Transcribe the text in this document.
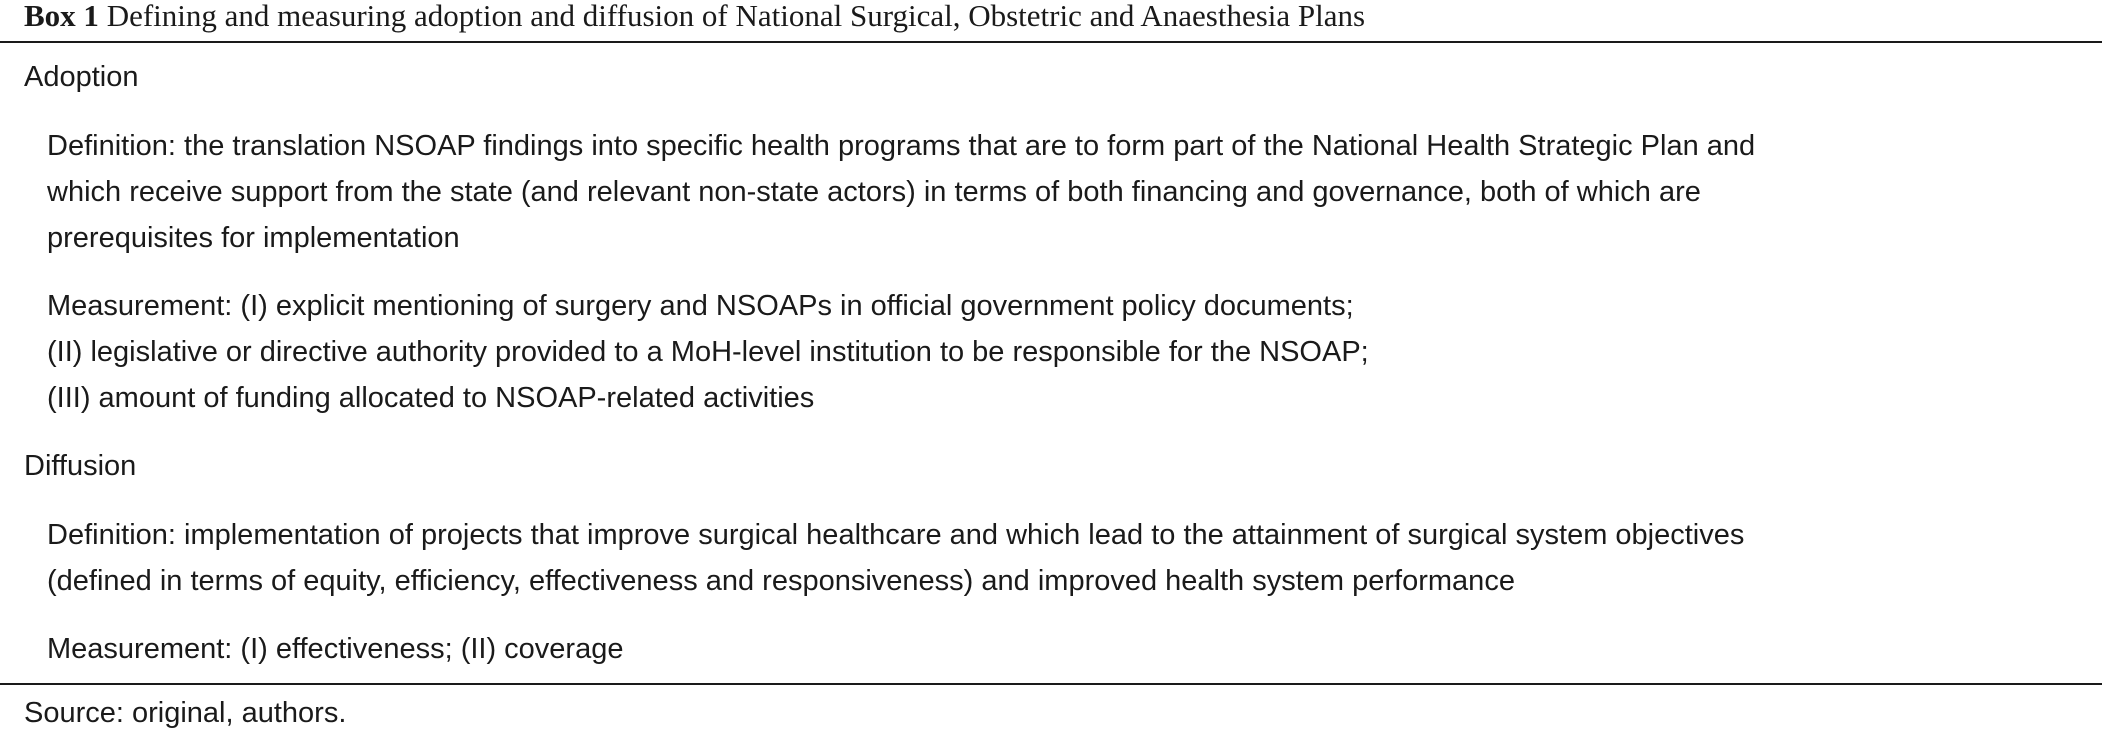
Box 1 Defining and measuring adoption and diffusion of National Surgical, Obstetric and Anaesthesia Plans
Adoption
Definition: the translation NSOAP findings into specific health programs that are to form part of the National Health Strategic Plan and
which receive support from the state (and relevant non-state actors) in terms of both financing and governance, both of which are
prerequisites for implementation
Measurement: (I) explicit mentioning of surgery and NSOAPs in official government policy documents;
(II) legislative or directive authority provided to a MoH-level institution to be responsible for the NSOAP;
(III) amount of funding allocated to NSOAP-related activities
Diffusion
Definition: implementation of projects that improve surgical healthcare and which lead to the attainment of surgical system objectives
(defined in terms of equity, efficiency, effectiveness and responsiveness) and improved health system performance
Measurement: (I) effectiveness; (II) coverage
Source: original, authors.
